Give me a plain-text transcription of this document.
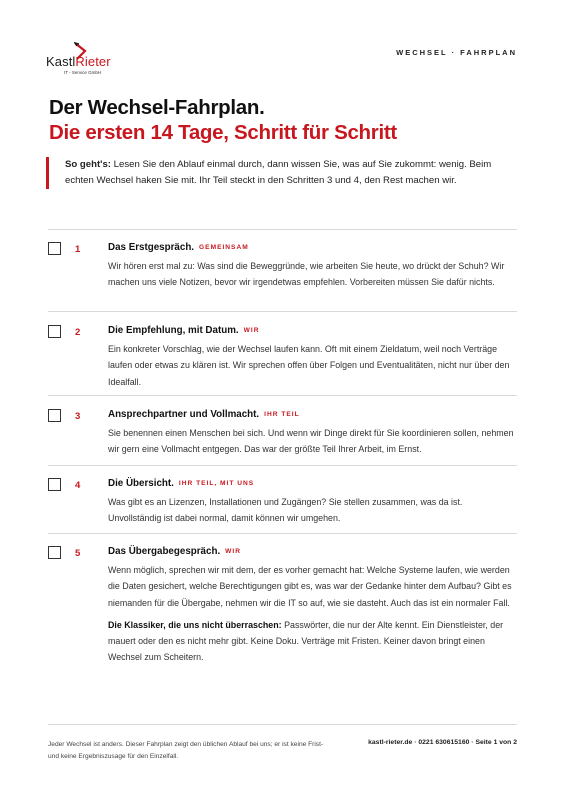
KastlRieter
IT - Service GmbH
WECHSEL · FAHRPLAN
Der Wechsel-Fahrplan.
Die ersten 14 Tage, Schritt für Schritt
So geht's: Lesen Sie den Ablauf einmal durch, dann wissen Sie, was auf Sie zukommt: wenig. Beim echten Wechsel haken Sie mit. Ihr Teil steckt in den Schritten 3 und 4, den Rest machen wir.
1	Das Erstgespräch. GEMEINSAM

Wir hören erst mal zu: Was sind die Beweggründe, wie arbeiten Sie heute, wo drückt der Schuh? Wir machen uns viele Notizen, bevor wir irgendetwas empfehlen. Vorbereiten müssen Sie dafür nichts.

2	Die Empfehlung, mit Datum. WIR

Ein konkreter Vorschlag, wie der Wechsel laufen kann. Oft mit einem Zieldatum, weil noch Verträge laufen oder etwas zu klären ist. Wir sprechen offen über Folgen und Eventualitäten, nicht nur über den Idealfall.

3	Ansprechpartner und Vollmacht. IHR TEIL

Sie benennen einen Menschen bei sich. Und wenn wir Dinge direkt für Sie koordinieren sollen, nehmen wir gern eine Vollmacht entgegen. Das war der größte Teil Ihrer Arbeit, im Ernst.

4	Die Übersicht. IHR TEIL, MIT UNS

Was gibt es an Lizenzen, Installationen und Zugängen? Sie stellen zusammen, was da ist. Unvollständig ist dabei normal, damit können wir umgehen.

5	Das Übergabegespräch. WIR

Wenn möglich, sprechen wir mit dem, der es vorher gemacht hat: Welche Systeme laufen, wie werden die Daten gesichert, welche Berechtigungen gibt es, was war der Gedanke hinter dem Aufbau? Gibt es niemanden für die Übergabe, nehmen wir die IT so auf, wie sie dasteht. Auch das ist ein normaler Fall.

Die Klassiker, die uns nicht überraschen: Passwörter, die nur der Alte kennt. Ein Dienstleister, der mauert oder den es nicht mehr gibt. Keine Doku. Verträge mit Fristen. Keiner davon bringt einen Wechsel zum Scheitern.

Jeder Wechsel ist anders. Dieser Fahrplan zeigt den üblichen Ablauf bei uns; er ist keine Frist- und keine Ergebniszusage für den Einzelfall.
kastl-rieter.de · 0221 630615160 · Seite 1 von 2
